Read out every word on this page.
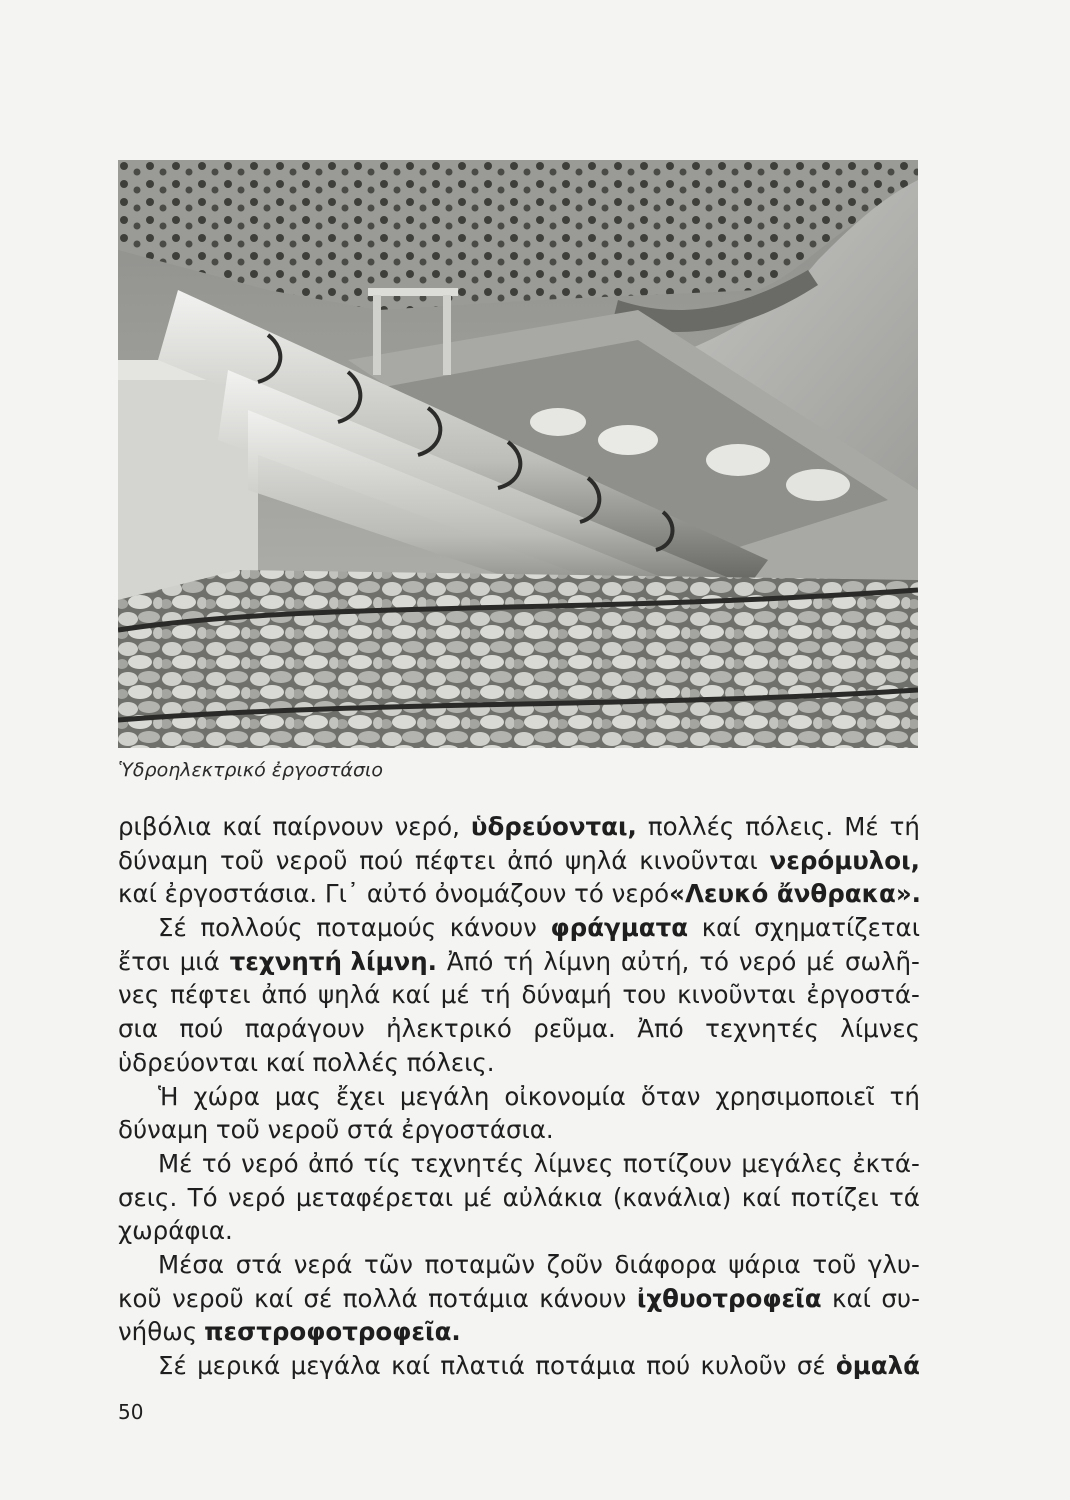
Ὑδροηλεκτρικό ἐργοστάσιο

ριβόλια καί παίρνουν νερό, ὑδρεύονται, πολλές πόλεις. Μέ τή
δύναμη τοῦ νεροῦ πού πέφτει ἀπό ψηλά κινοῦνται νερόμυλοι,
καί ἐργοστάσια. Γι᾽ αὐτό ὀνομάζουν τό νερό «Λευκό ἄνθρακα».
Σέ πολλούς ποταμούς κάνουν φράγματα καί σχηματίζεται
ἔτσι μιά τεχνητή λίμνη. Ἀπό τή λίμνη αὐτή, τό νερό μέ σωλῆ-
νες πέφτει ἀπό ψηλά καί μέ τή δύναμή του κινοῦνται ἐργοστά-
σια πού παράγουν ἠλεκτρικό ρεῦμα. Ἀπό τεχνητές λίμνες
ὑδρεύονται καί πολλές πόλεις.
Ἡ χώρα μας ἔχει μεγάλη οἰκονομία ὅταν χρησιμοποιεῖ τή
δύναμη τοῦ νεροῦ στά ἐργοστάσια.
Μέ τό νερό ἀπό τίς τεχνητές λίμνες ποτίζουν μεγάλες ἐκτά-
σεις. Τό νερό μεταφέρεται μέ αὐλάκια (κανάλια) καί ποτίζει τά
χωράφια.
Μέσα στά νερά τῶν ποταμῶν ζοῦν διάφορα ψάρια τοῦ γλυ-
κοῦ νεροῦ καί σέ πολλά ποτάμια κάνουν ἰχθυοτροφεῖα καί συ-
νήθως πεστροφοτροφεῖα.
Σέ μερικά μεγάλα καί πλατιά ποτάμια πού κυλοῦν σέ ὁμαλά

50
